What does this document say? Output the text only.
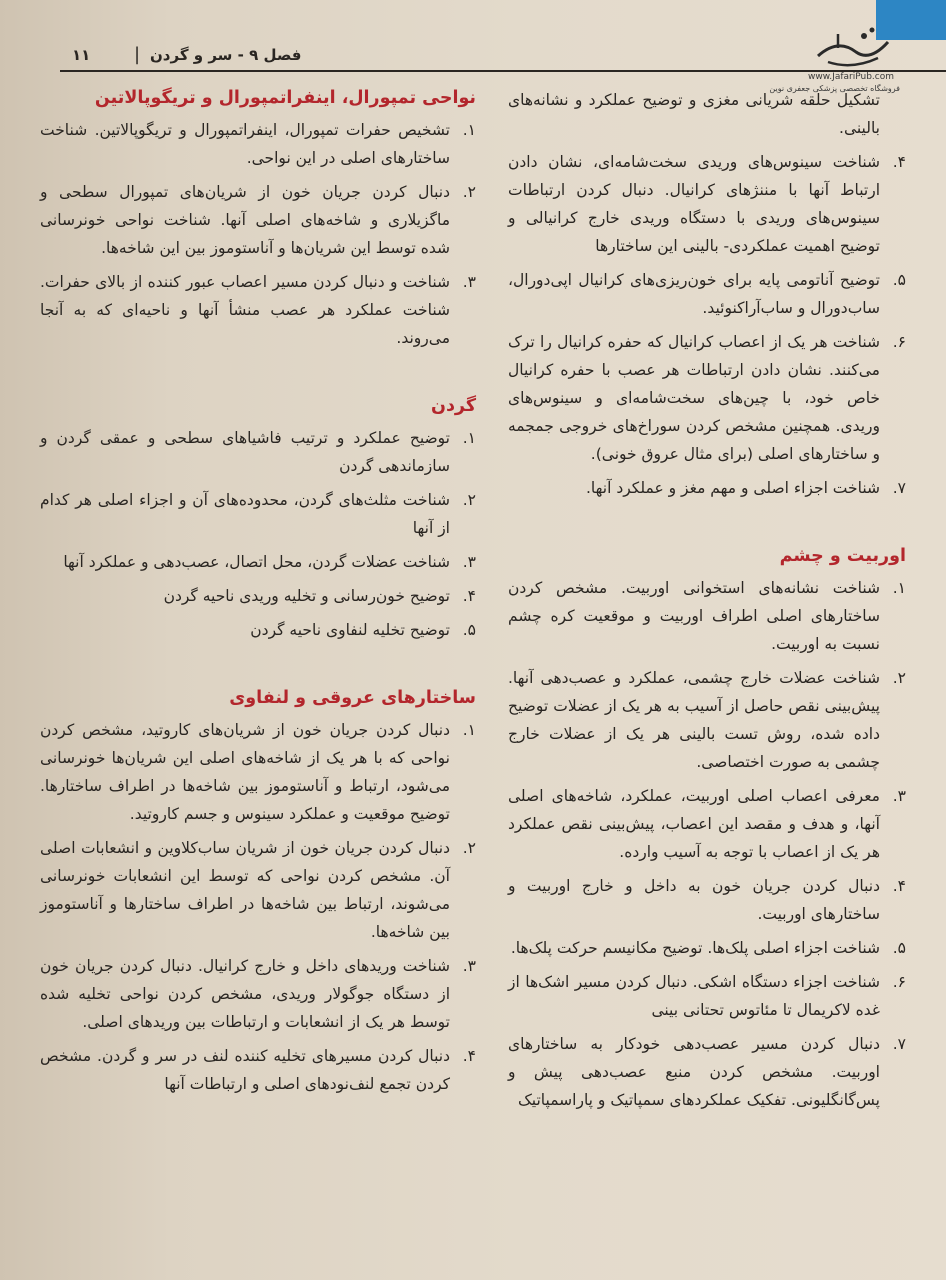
۱۱ | فصل ۹ - سر و گردن
www.JafariPub.com
فروشگاه تخصصی پزشکی جعفری نوین
نواحی تمپورال، اینفراتمپورال و تریگوپالاتین
۱.
تشخیص حفرات تمپورال، اینفراتمپورال و تریگوپالاتین. شناخت ساختارهای اصلی در این نواحی.
۲.
دنبال کردن جریان خون از شریان‌های تمپورال سطحی و ماگزیلاری و شاخه‌های اصلی آنها. شناخت نواحی خونرسانی شده توسط این شریان‌ها و آناستوموز بین این شاخه‌ها.
۳.
شناخت و دنبال کردن مسیر اعصاب عبور کننده از بالای حفرات. شناخت عملکرد هر عصب منشأ آنها و ناحیه‌ای که به آنجا می‌روند.
گردن
۱.
توضیح عملکرد و ترتیب فاشیاهای سطحی و عمقی گردن و سازماندهی گردن
۲.
شناخت مثلث‌های گردن، محدوده‌های آن و اجزاء اصلی هر کدام از آنها
۳.
شناخت عضلات گردن، محل اتصال، عصب‌دهی و عملکرد آنها
۴.
توضیح خون‌رسانی و تخلیه وریدی ناحیه گردن
۵.
توضیح تخلیه لنفاوی ناحیه گردن
ساختارهای عروقی و لنفاوی
۱.
دنبال کردن جریان خون از شریان‌های کاروتید، مشخص کردن نواحی که با هر یک از شاخه‌های اصلی این شریان‌ها خونرسانی می‌شود، ارتباط و آناستوموز بین شاخه‌ها در اطراف ساختارها. توضیح موقعیت و عملکرد سینوس و جسم کاروتید.
۲.
دنبال کردن جریان خون از شریان ساب‌کلاوین و انشعابات اصلی آن. مشخص کردن نواحی که توسط این انشعابات خونرسانی می‌شوند، ارتباط بین شاخه‌ها در اطراف ساختارها و آناستوموز بین شاخه‌ها.
۳.
شناخت وریدهای داخل و خارج کرانیال. دنبال کردن جریان خون از دستگاه جوگولار وریدی، مشخص کردن نواحی تخلیه شده توسط هر یک از انشعابات و ارتباطات بین وریدهای اصلی.
۴.
دنبال کردن مسیرهای تخلیه کننده لنف در سر و گردن. مشخص کردن تجمع لنف‌نودهای اصلی و ارتباطات آنها
تشکیل حلقه شریانی مغزی و توضیح عملکرد و نشانه‌های بالینی.
۴.
شناخت سینوس‌های وریدی سخت‌شامه‌ای، نشان دادن ارتباط آنها با مننژهای کرانیال. دنبال کردن ارتباطات سینوس‌های وریدی با دستگاه وریدی خارج کرانیالی و توضیح اهمیت عملکردی- بالینی این ساختارها
۵.
توضیح آناتومی پایه برای خون‌ریزی‌های کرانیال اپی‌دورال، ساب‌دورال و ساب‌آراکنوئید.
۶.
شناخت هر یک از اعصاب کرانیال که حفره کرانیال را ترک می‌کنند. نشان دادن ارتباطات هر عصب با حفره کرانیال خاص خود، با چین‌های سخت‌شامه‌ای و سینوس‌های وریدی. همچنین مشخص کردن سوراخ‌های خروجی جمجمه و ساختارهای اصلی (برای مثال عروق خونی).
۷.
شناخت اجزاء اصلی و مهم مغز و عملکرد آنها.
اوربیت و چشم
۱.
شناخت نشانه‌های استخوانی اوربیت. مشخص کردن ساختارهای اصلی اطراف اوربیت و موقعیت کره چشم نسبت به اوربیت.
۲.
شناخت عضلات خارج چشمی، عملکرد و عصب‌دهی آنها. پیش‌بینی نقص حاصل از آسیب به هر یک از عضلات توضیح داده شده، روش تست بالینی هر یک از عضلات خارج چشمی به صورت اختصاصی.
۳.
معرفی اعصاب اصلی اوربیت، عملکرد، شاخه‌های اصلی آنها، و هدف و مقصد این اعصاب، پیش‌بینی نقص عملکرد هر یک از اعصاب با توجه به آسیب وارده.
۴.
دنبال کردن جریان خون به داخل و خارج اوربیت و ساختارهای اوربیت.
۵.
شناخت اجزاء اصلی پلک‌ها. توضیح مکانیسم حرکت پلک‌ها.
۶.
شناخت اجزاء دستگاه اشکی. دنبال کردن مسیر اشک‌ها از غده لاکریمال تا مئاتوس تحتانی بینی
۷.
دنبال کردن مسیر عصب‌دهی خودکار به ساختارهای اوربیت. مشخص کردن منبع عصب‌دهی پیش و پس‌گانگلیونی. تفکیک عملکردهای سمپاتیک و پاراسمپاتیک
